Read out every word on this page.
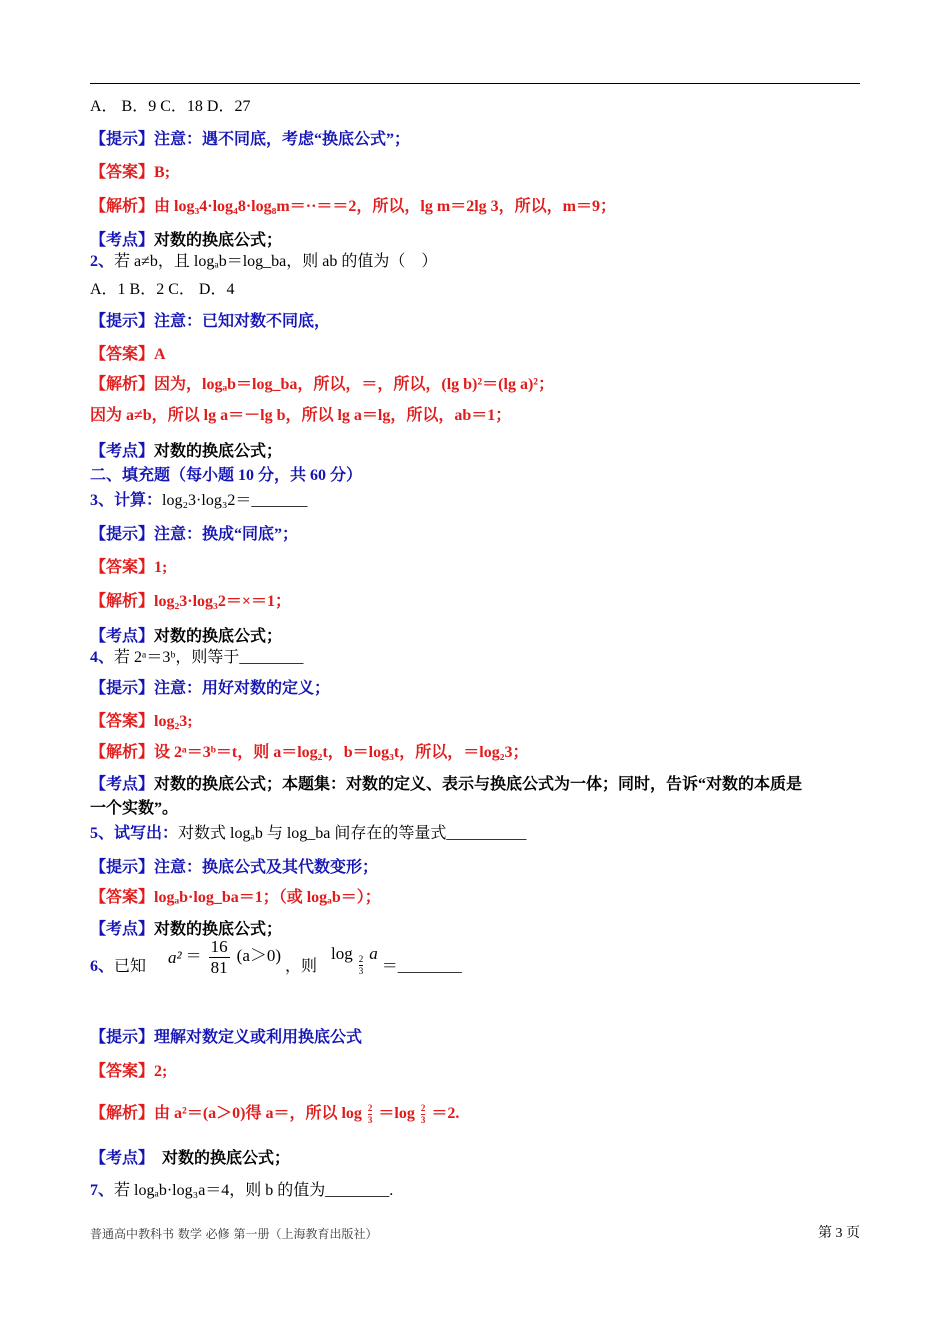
A． B．9 C．18 D．27
【提示】注意：遇不同底，考虑“换底公式”；
【答案】B;
【解析】由 log₃4·log₄8·log₈m＝··＝＝2，所以，lg m＝2lg 3，所以，m＝9；
【考点】对数的换底公式；
2、若 a≠b，且 logₐb＝log_ba，则 ab 的值为（　）
A．1 B．2 C． D．4
【提示】注意：已知对数不同底，
【答案】A
【解析】因为，logₐb＝log_ba，所以，＝，所以，(lg b)²＝(lg a)²；
因为 a≠b，所以 lg a＝－lg b，所以 lg a＝lg，所以，ab＝1；
【考点】对数的换底公式；
二、填充题（每小题 10 分，共 60 分）
3、计算：log₂3·log₃2＝_______
【提示】注意：换成“同底”；
【答案】1;
【解析】log₂3·log₃2＝×＝1；
【考点】对数的换底公式；
4、若 2ᵃ＝3ᵇ，则等于________
【提示】注意：用好对数的定义；
【答案】log₂3;
【解析】设 2ᵃ＝3ᵇ＝t，则 a＝log₂t，b＝log₃t，所以，＝log₂3；
【考点】对数的换底公式；本题集：对数的定义、表示与换底公式为一体；同时，告诉“对数的本质是
一个实数”。
5、试写出：对数式 logₐb 与 log_ba 间存在的等量式__________
【提示】注意：换底公式及其代数变形；
【答案】logₐb·log_ba＝1；（或 logₐb＝）；
【考点】对数的换底公式；
6、已知 $a^2 = \frac{16}{81} (a>0)$ ，则 log
$\frac{2}{3}$
a ＝________
【提示】理解对数定义或利用换底公式
【答案】2;
【解析】由 a²＝(a＞0)得 a＝，所以 $\log \frac{2}{3} =\log \frac{2}{3} =2$.
【考点】 对数的换底公式；
7、若 logₐb·log₃a＝4，则 b 的值为________.
普通高中教科书 数学 必修 第一册（上海教育出版社）	第 3 页
